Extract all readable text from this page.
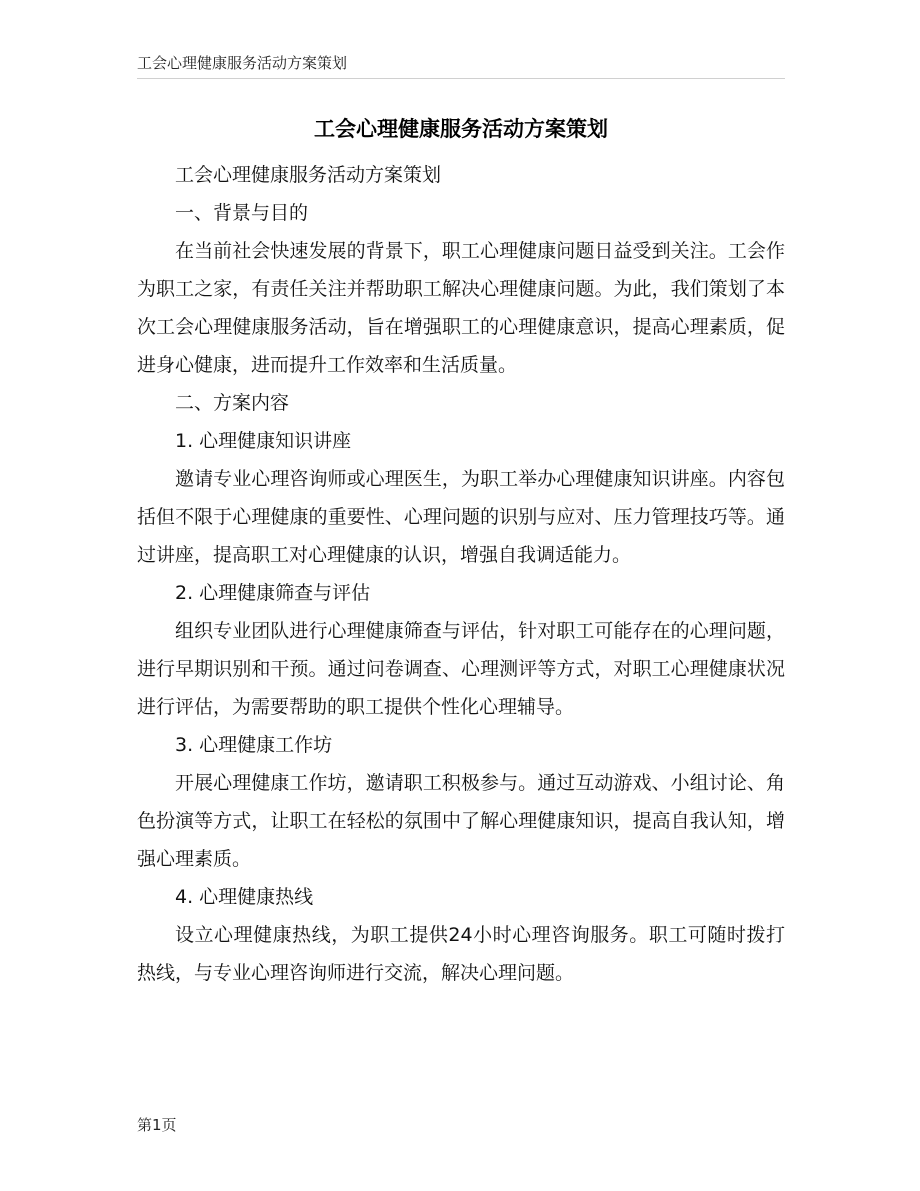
工会心理健康服务活动方案策划
工会心理健康服务活动方案策划

工会心理健康服务活动方案策划

一、背景与目的

在当前社会快速发展的背景下，职工心理健康问题日益受到关注。工会作为职工之家，有责任关注并帮助职工解决心理健康问题。为此，我们策划了本次工会心理健康服务活动，旨在增强职工的心理健康意识，提高心理素质，促进身心健康，进而提升工作效率和生活质量。

二、方案内容

1. 心理健康知识讲座

邀请专业心理咨询师或心理医生，为职工举办心理健康知识讲座。内容包括但不限于心理健康的重要性、心理问题的识别与应对、压力管理技巧等。通过讲座，提高职工对心理健康的认识，增强自我调适能力。

2. 心理健康筛查与评估

组织专业团队进行心理健康筛查与评估，针对职工可能存在的心理问题，进行早期识别和干预。通过问卷调查、心理测评等方式，对职工心理健康状况进行评估，为需要帮助的职工提供个性化心理辅导。

3. 心理健康工作坊

开展心理健康工作坊，邀请职工积极参与。通过互动游戏、小组讨论、角色扮演等方式，让职工在轻松的氛围中了解心理健康知识，提高自我认知，增强心理素质。

4. 心理健康热线

设立心理健康热线，为职工提供24小时心理咨询服务。职工可随时拨打热线，与专业心理咨询师进行交流，解决心理问题。

第1页
